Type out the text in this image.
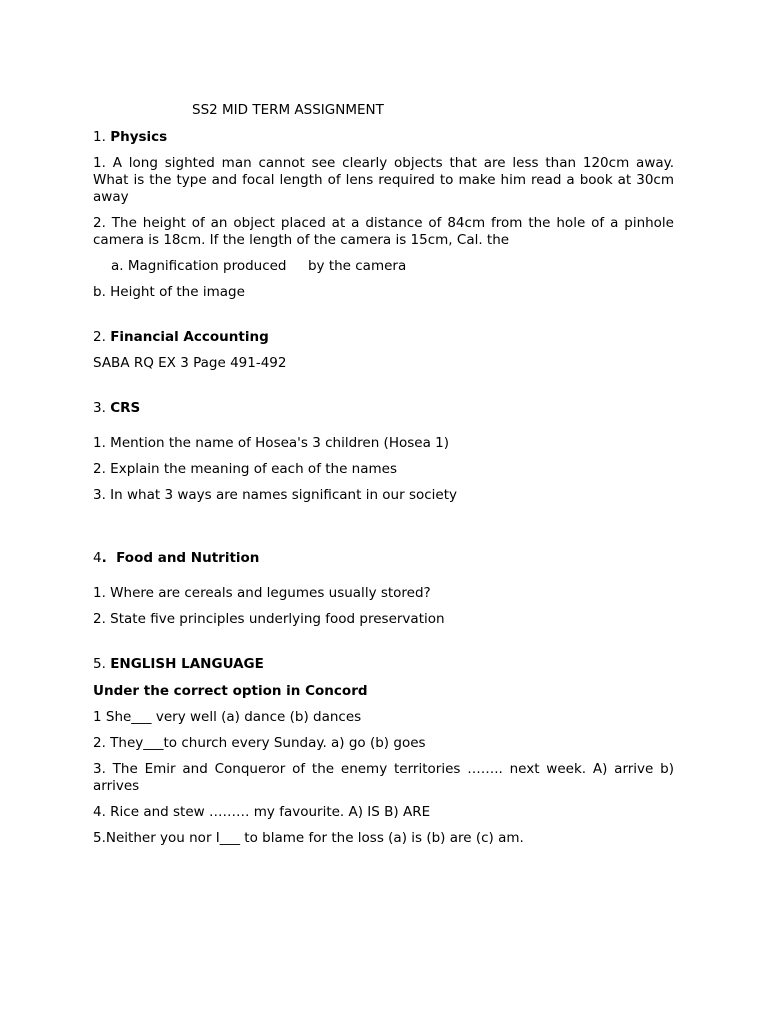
SS2 MID TERM ASSIGNMENT
1. Physics

1. A long sighted man cannot see clearly objects that are less than 120cm away. What is the type and focal length of lens required to make him read a book at 30cm away

2. The height of an object placed at a distance of 84cm from the hole of a pinhole camera is 18cm. If the length of the camera is 15cm, Cal. the

a. Magnification produced     by the camera

b. Height of the image

2. Financial Accounting

SABA RQ EX 3 Page 491-492

3. CRS

1. Mention the name of Hosea's 3 children (Hosea 1)

2. Explain the meaning of each of the names

3. In what 3 ways are names significant in our society

4.  Food and Nutrition

1. Where are cereals and legumes usually stored?

2. State five principles underlying food preservation

5. ENGLISH LANGUAGE
Under the correct option in Concord

1 She___ very well (a) dance (b) dances

2. They___to church every Sunday. a) go (b) goes

3. The Emir and Conqueror of the enemy territories …….. next week. A) arrive b) arrives

4. Rice and stew ……… my favourite. A) IS B) ARE

5.Neither you nor I___ to blame for the loss (a) is (b) are (c) am.
